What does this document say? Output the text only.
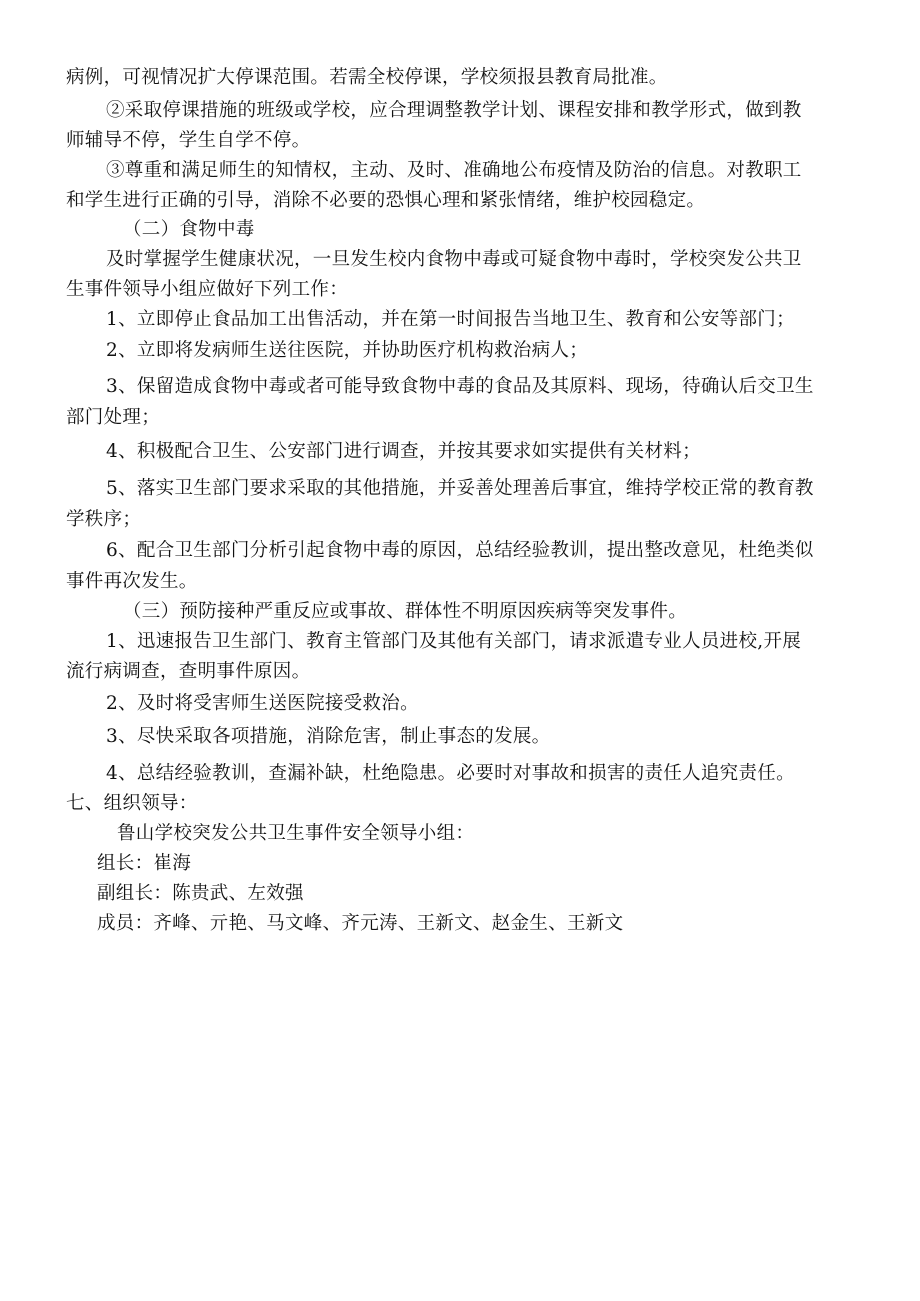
病例，可视情况扩大停课范围。若需全校停课，学校须报县教育局批准。
②采取停课措施的班级或学校，应合理调整教学计划、课程安排和教学形式，做到教
师辅导不停，学生自学不停。
③尊重和满足师生的知情权，主动、及时、准确地公布疫情及防治的信息。对教职工
和学生进行正确的引导，消除不必要的恐惧心理和紧张情绪，维护校园稳定。
（二）食物中毒
及时掌握学生健康状况，一旦发生校内食物中毒或可疑食物中毒时，学校突发公共卫
生事件领导小组应做好下列工作：
1、立即停止食品加工出售活动，并在第一时间报告当地卫生、教育和公安等部门；
2、立即将发病师生送往医院，并协助医疗机构救治病人；
3、保留造成食物中毒或者可能导致食物中毒的食品及其原料、现场，待确认后交卫生
部门处理；
4、积极配合卫生、公安部门进行调查，并按其要求如实提供有关材料；
5、落实卫生部门要求采取的其他措施，并妥善处理善后事宜，维持学校正常的教育教
学秩序；
6、配合卫生部门分析引起食物中毒的原因，总结经验教训，提出整改意见，杜绝类似
事件再次发生。
（三）预防接种严重反应或事故、群体性不明原因疾病等突发事件。
1、迅速报告卫生部门、教育主管部门及其他有关部门，请求派遣专业人员进校,开展
流行病调查，查明事件原因。
2、及时将受害师生送医院接受救治。
3、尽快采取各项措施，消除危害，制止事态的发展。
4、总结经验教训，查漏补缺，杜绝隐患。必要时对事故和损害的责任人追究责任。
七、组织领导：
鲁山学校突发公共卫生事件安全领导小组：
组长：崔海
副组长：陈贵武、左效强
成员：齐峰、亓艳、马文峰、齐元涛、王新文、赵金生、王新文
